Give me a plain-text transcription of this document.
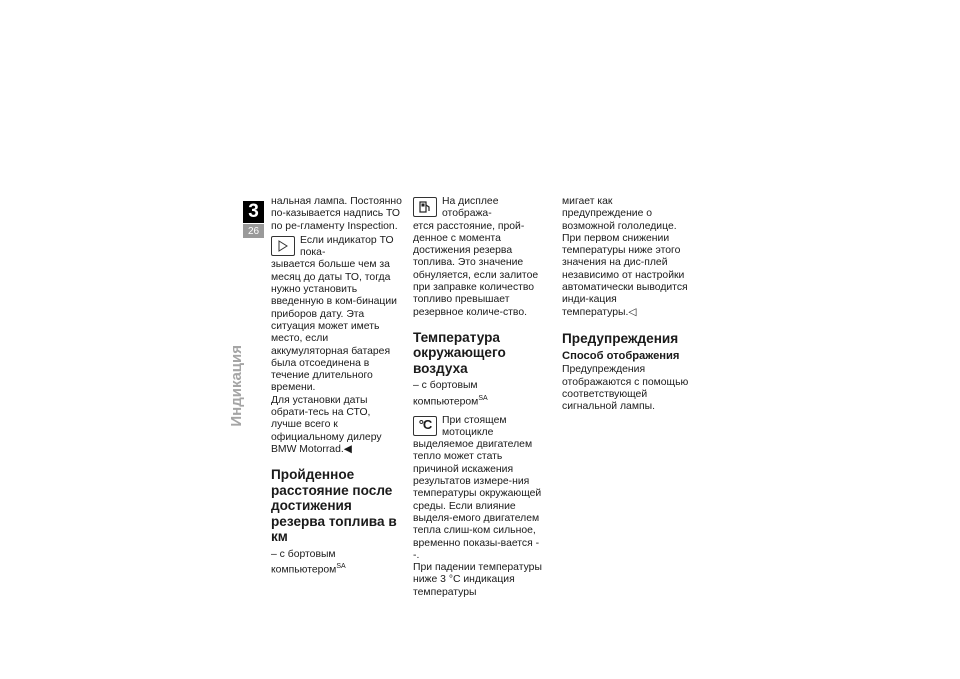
3
26
Индикация

нальная лампа. Постоянно по-казывается надпись ТО по ре-гламенту Inspection.

Если индикатор ТО пока-

зывается больше чем за

месяц до даты ТО, тогда нужно установить введенную в ком-бинации приборов дату. Эта ситуация может иметь место, если аккумуляторная батарея была отсоединена в течение длительного времени.

Для установки даты обрати-тесь на СТО, лучше всего к официальному дилеру BMW Motorrad.◀

Пройденное расстояние после достижения резерва топлива в км

– с бортовым компьютером$^{SA}$

На дисплее отобража-

ется расстояние, прой-

денное с момента достижения резерва топлива. Это значение обнуляется, если залитое при заправке количество топливо превышает резервное количе-ство.

Температура окружающего воздуха

– с бортовым компьютером$^{SA}$

°C	При стоящем мотоцикле

выделяемое двигателем

тепло может стать причиной искажения результатов измере-ния температуры окружающей среды. Если влияние выделя-емого двигателем тепла слиш-ком сильное, временно показы-вается --.

При падении температуры ниже 3 °C индикация температуры

мигает как предупреждение о возможной гололедице. При первом снижении температуры ниже этого значения на дис-плей независимо от настройки автоматически выводится инди-кация температуры.◁

Предупреждения
Способ отображения

Предупреждения отображаются с помощью соответствующей сигнальной лампы.
